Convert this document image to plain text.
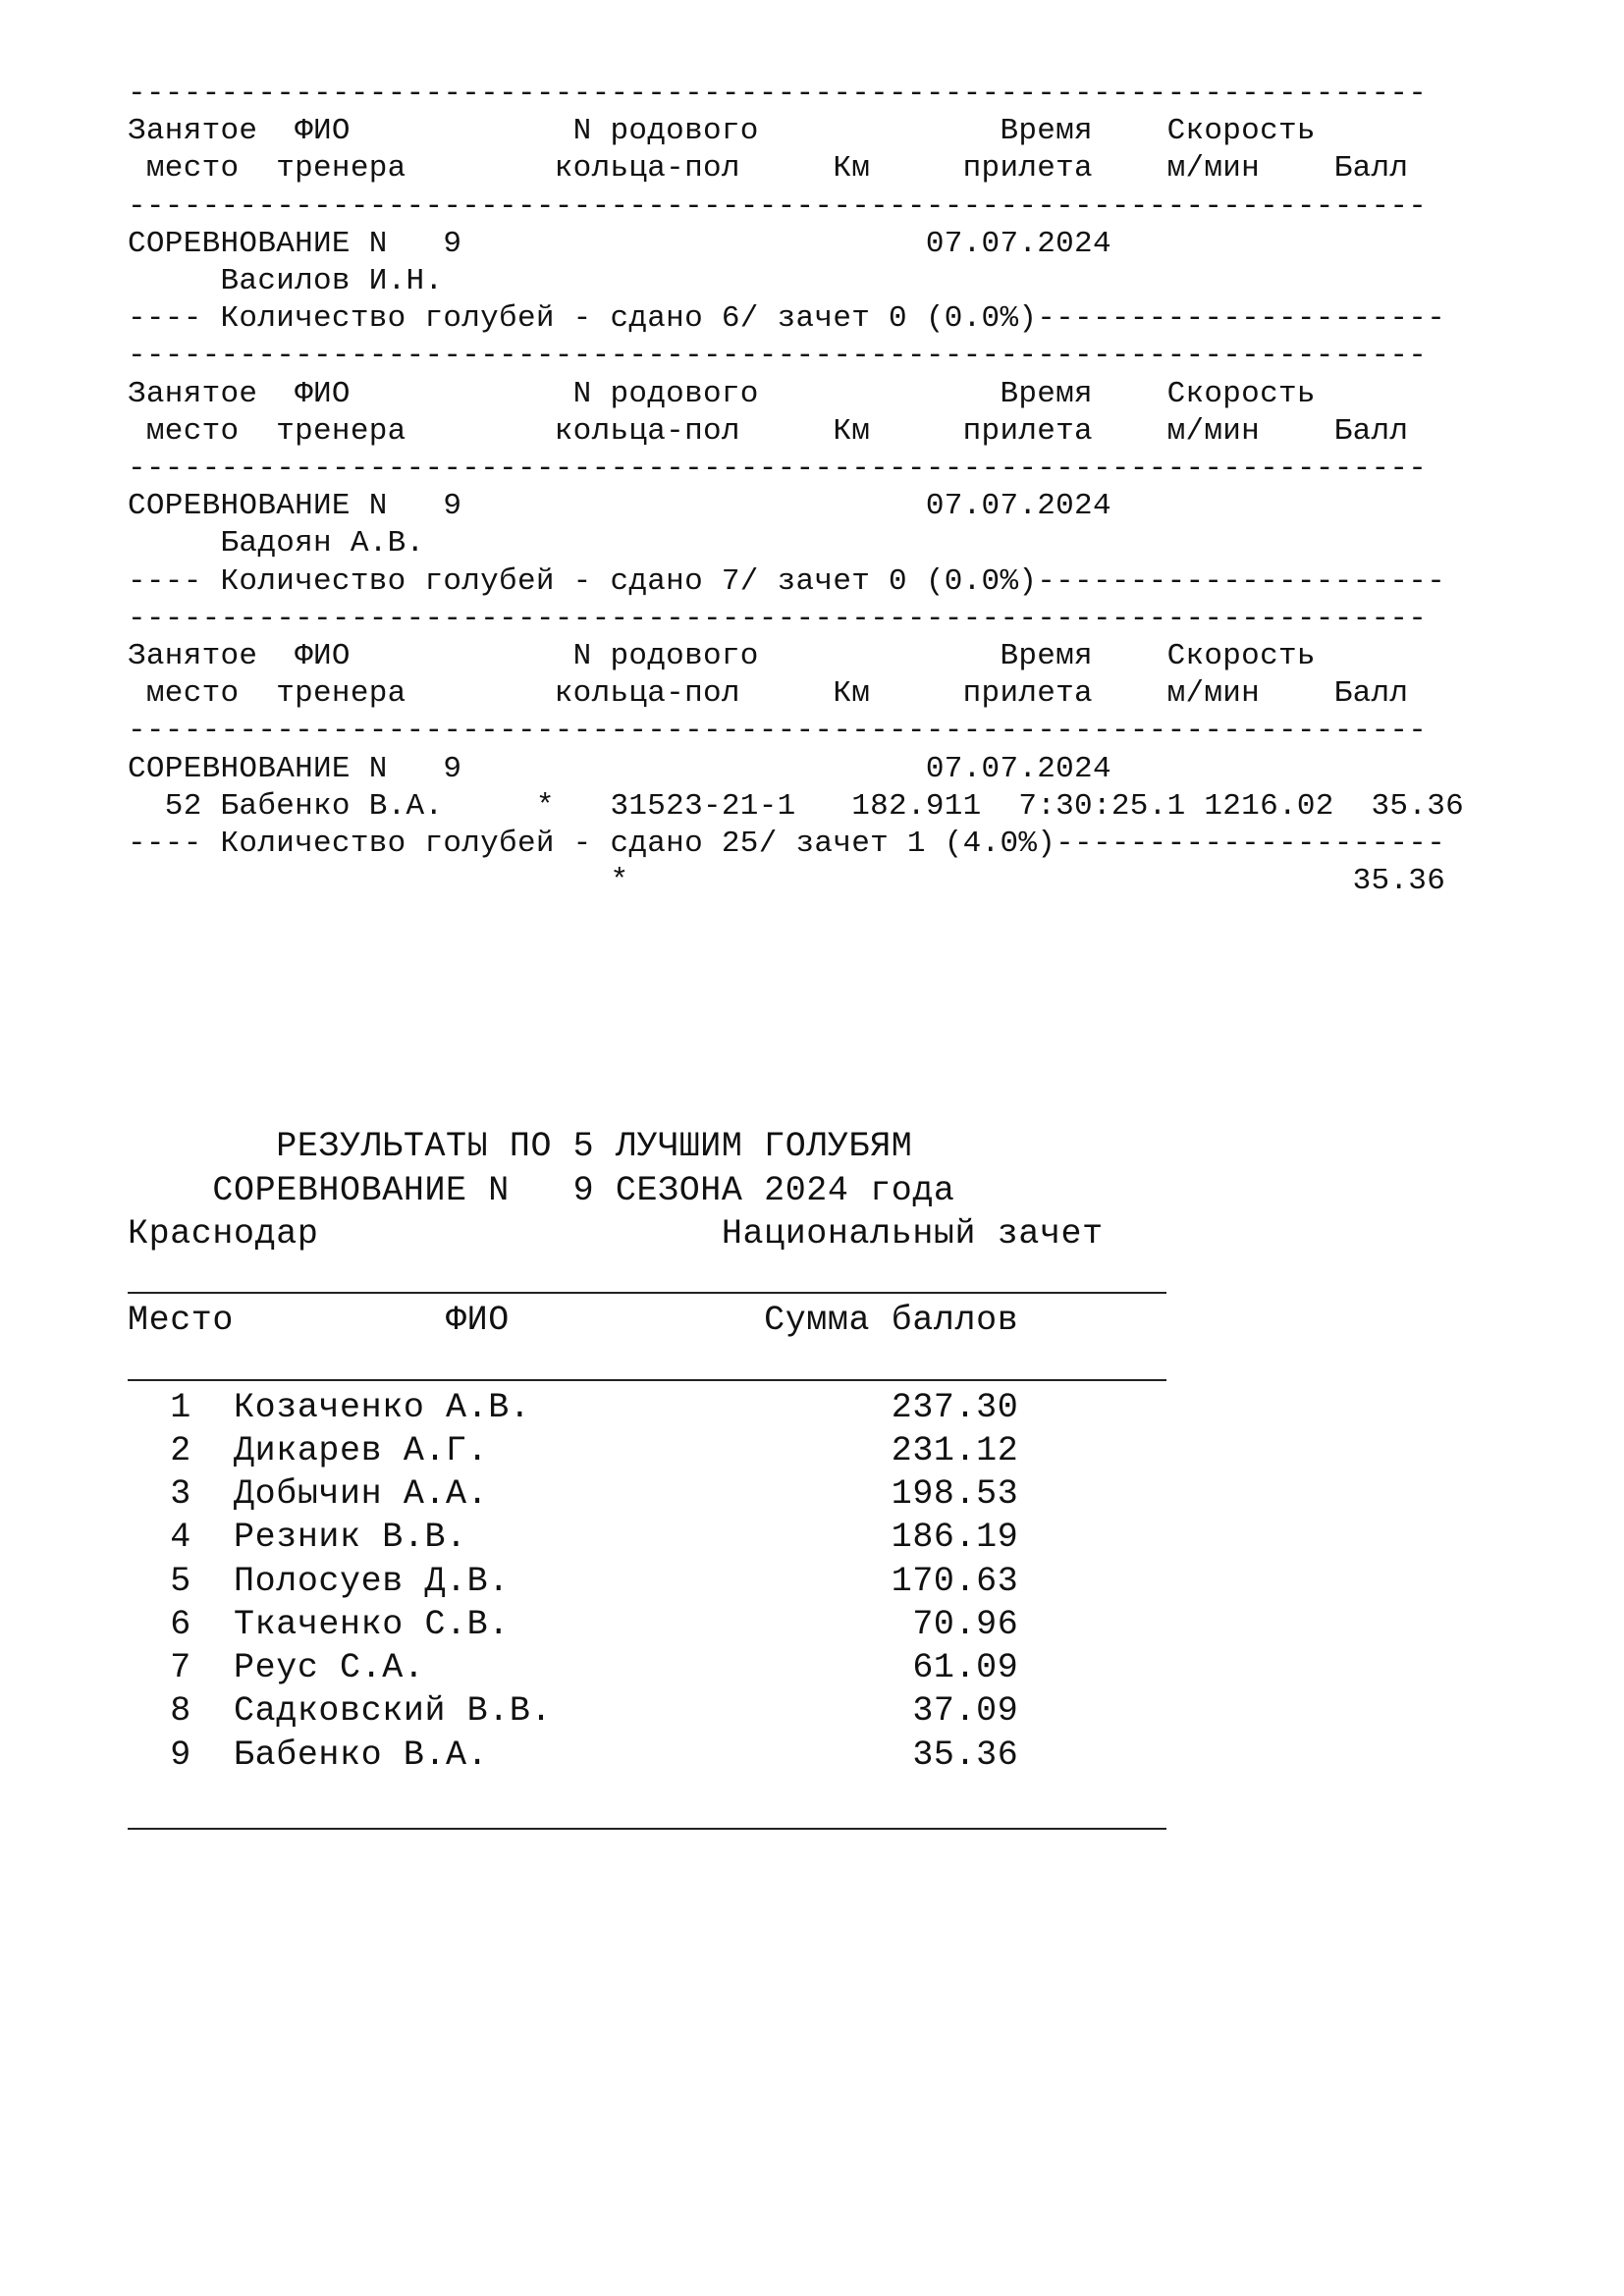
----------------------------------------------------------------------
Занятое  ФИО            N родового             Время    Скорость
место  тренера        кольца-пол     Км     прилета    м/мин    Балл
----------------------------------------------------------------------
СОРЕВНОВАНИЕ N   9                         07.07.2024
Василов И.Н.
---- Количество голубей - сдано 6/ зачет 0 (0.0%)----------------------
----------------------------------------------------------------------
Занятое  ФИО            N родового             Время    Скорость
место  тренера        кольца-пол     Км     прилета    м/мин    Балл
----------------------------------------------------------------------
СОРЕВНОВАНИЕ N   9                         07.07.2024
Бадоян А.В.
---- Количество голубей - сдано 7/ зачет 0 (0.0%)----------------------
----------------------------------------------------------------------
Занятое  ФИО            N родового             Время    Скорость
место  тренера        кольца-пол     Км     прилета    м/мин    Балл
----------------------------------------------------------------------
СОРЕВНОВАНИЕ N   9                         07.07.2024
52 Бабенко В.А.     *   31523-21-1   182.911  7:30:25.1 1216.02  35.36
---- Количество голубей - сдано 25/ зачет 1 (4.0%)---------------------
*                                       35.36
РЕЗУЛЬТАТЫ ПО 5 ЛУЧШИМ ГОЛУБЯМ
СОРЕВНОВАНИЕ N   9 СЕЗОНА 2024 года
Краснодар                   Национальный зачет
Место          ФИО            Сумма баллов
1  Козаченко А.В.                 237.30
2  Дикарев А.Г.                   231.12
3  Добычин А.А.                   198.53
4  Резник В.В.                    186.19
5  Полосуев Д.В.                  170.63
6  Ткаченко С.В.                   70.96
7  Реус С.А.                       61.09
8  Садковский В.В.                 37.09
9  Бабенко В.А.                    35.36
